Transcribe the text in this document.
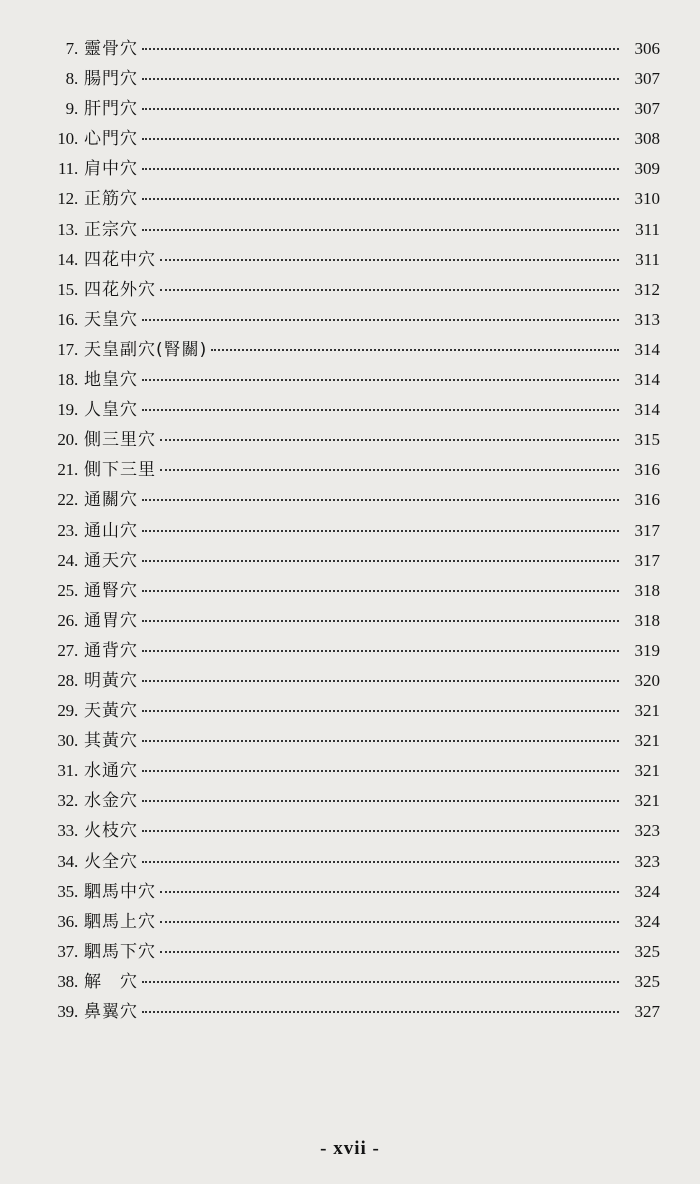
7. 靈骨穴	306
8. 腸門穴	307
9. 肝門穴	307
10. 心門穴	308
11. 肩中穴	309
12. 正筋穴	310
13. 正宗穴	311
14. 四花中穴	311
15. 四花外穴	312
16. 天皇穴	313
17. 天皇副穴(腎關)	314
18. 地皇穴	314
19. 人皇穴	314
20. 側三里穴	315
21. 側下三里	316
22. 通關穴	316
23. 通山穴	317
24. 通天穴	317
25. 通腎穴	318
26. 通胃穴	318
27. 通背穴	319
28. 明黃穴	320
29. 天黃穴	321
30. 其黃穴	321
31. 水通穴	321
32. 水金穴	321
33. 火枝穴	323
34. 火全穴	323
35. 駟馬中穴	324
36. 駟馬上穴	324
37. 駟馬下穴	325
38. 解　穴	325
39. 鼻翼穴	327
- xvii -
